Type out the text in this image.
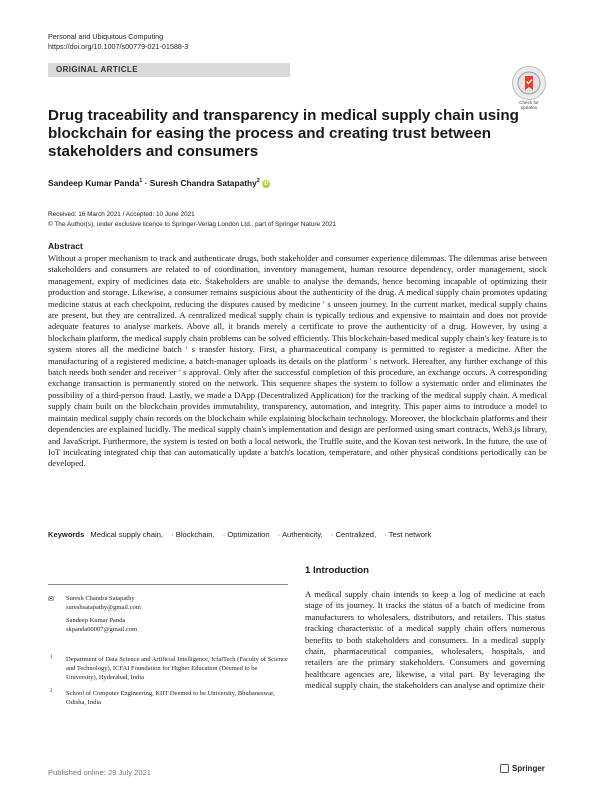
Personal and Ubiquitous Computing
https://doi.org/10.1007/s00779-021-01588-3
ORIGINAL ARTICLE
Check for updates
Drug traceability and transparency in medical supply chain using blockchain for easing the process and creating trust between stakeholders and consumers
Sandeep Kumar Panda$^1$ · Suresh Chandra Satapathy$^2$ iD
Received: 16 March 2021 / Accepted: 10 June 2021
© The Author(s), under exclusive licence to Springer-Verlag London Ltd., part of Springer Nature 2021
Abstract
Without a proper mechanism to track and authenticate drugs, both stakeholder and consumer experience dilemmas. The dilemmas arise between stakeholders and consumers are related to of coordination, inventory management, human resource dependency, order management, stock management, expiry of medicines data etc. Stakeholders are unable to analyse the demands, hence becoming incapable of optimizing their production and storage. Likewise, a consumer remains suspicious about the authenticity of the drug. A medical supply chain promotes updating medicine status at each checkpoint, reducing the disputes caused by medicine ' s unseen journey. In the current market, medical supply chains are present, but they are centralized. A centralized medical supply chain is typically tedious and expensive to maintain and does not provide adequate features to analyse markets. Above all, it brands merely a certificate to prove the authenticity of a drug. However, by using a blockchain platform, the medical supply chain problems can be solved efficiently. This blockchain-based medical supply chain's key feature is to system stores all the medicine batch ' s transfer history. First, a pharmaceutical company is permitted to register a medicine. After the manufacturing of a registered medicine, a batch-manager uploads its details on the platform ' s network. Hereafter, any further exchange of this batch needs both sender and receiver ' s approval. Only after the successful completion of this procedure, an exchange occurs. A corresponding exchange transaction is permanently stored on the network. This sequence shapes the system to follow a systematic order and eliminates the possibility of a third-person fraud. Lastly, we made a DApp (Decentralized Application) for the tracking of the medical supply chain. A medical supply chain built on the blockchain provides immutability, transparency, automation, and integrity. This paper aims to introduce a model to maintain medical supply chain records on the blockchain while explaining blockchain technology. Moreover, the blockchain platforms and their dependencies are explained lucidly. The medical supply chain's implementation and design are performed using smart contracts, Web3.js library, and JavaScript. Furthermore, the system is tested on both a local network, the Truffle suite, and the Kovan test network. In the future, the use of IoT inculcating integrated chip that can automatically update a batch's location, temperature, and other physical conditions periodically can be developed.
Keywords Medical supply chain, · Blockchain, · Optimization · Authenticity, · Centralized, · Test network
✉ Suresh Chandra Satapathy
sureshsatapathy@gmail.com
Sandeep Kumar Panda
skpanda00007@gmail.com
1 Department of Data Science and Artificial Intelligence, IcfaiTech (Faculty of Science and Technology), ICFAI Foundation for Higher Education (Deemed to be University), Hyderabad, India
2 School of Computer Engineering, KIIT Deemed to be University, Bhubaneswar, Odisha, India
Published online: 29 July 2021
1 Introduction
A medical supply chain intends to keep a log of medicine at each stage of its journey. It tracks the status of a batch of medicine from manufacturers to wholesalers, distributors, and retailers. This status tracking characteristic of a medical supply chain offers numerous benefits to both stakeholders and consumers. In a medical supply chain, pharmaceutical companies, wholesalers, hospitals, and retailers are the primary stakeholders. Consumers and governing healthcare agencies are, likewise, a vital part. By leveraging the medical supply chain, the stakeholders can analyse and optimize their
Springer
